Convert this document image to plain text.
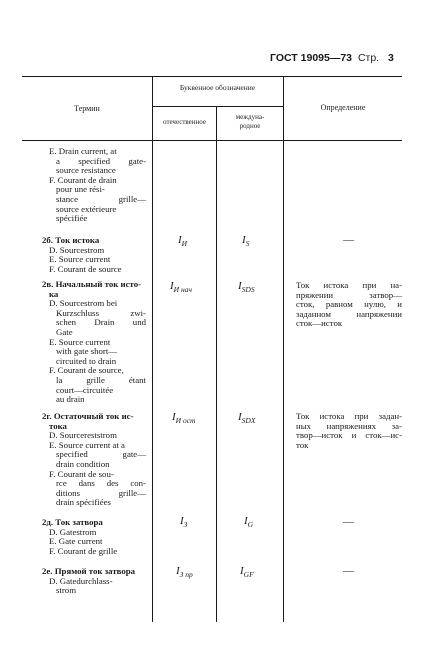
ГОСТ 19095—73 Стр. 3
Термин
Буквенное обозначение
отечественное
междуна-
родное
Определение
E. Drain current, at
a specified gate-
source resistance
F. Courant de drain
pour une rési-
stance grille—
source extérieure
spécifiée
2б. Ток истока
D. Sourcestrom
E. Source current
F. Courant de source
$I_И$	$I_S$	—
2в. Начальный ток исто-
ка
D. Sourcestrom bei
Kurzschluss zwi-
schen Drain und
Gate
E. Source current
with gate short—
circuited to drain
F. Courant de source,
la grille étant
court—circuitée
au drain
$I_{И нач}$	$I_{SDS}$	Ток истока при на-
пряжении затвор—
сток, равном нулю, и
заданном напряжении
сток—исток
2г. Остаточный ток ис-
тока
D. Sourcereststrom
E. Source current at a
specified gate—
drain condition
F. Courant de sou-
rce dans des con-
ditions grille—
drain spécifiées
$I_{И ост}$	$I_{SDX}$	Ток истока при задан-
ных напряжениях за-
твор—исток и сток—ис-
ток
2д. Ток затвора
D. Gatestrom
E. Gate current
F. Courant de grille
$I_З$	$I_G$	—
2е. Прямой ток затвора
D. Gatedurchlass-
strom
$I_{З пр}$	$I_{GF}$	—
